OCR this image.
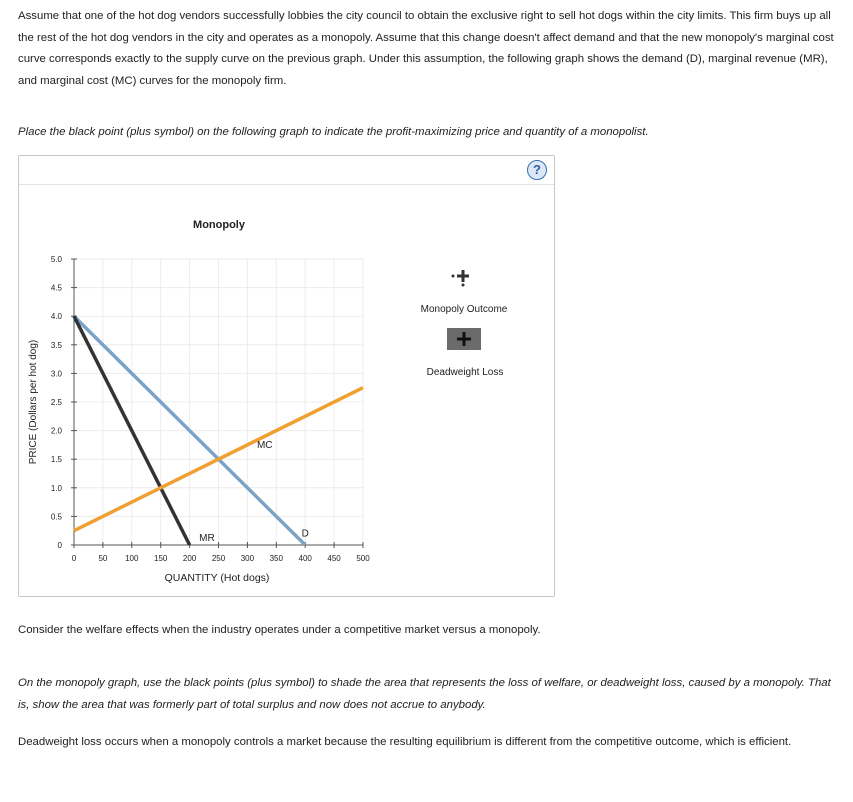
Assume that one of the hot dog vendors successfully lobbies the city council to obtain the exclusive right to sell hot dogs within the city limits. This firm buys up all the rest of the hot dog vendors in the city and operates as a monopoly. Assume that this change doesn't affect demand and that the new monopoly's marginal cost curve corresponds exactly to the supply curve on the previous graph. Under this assumption, the following graph shows the demand (D), marginal revenue (MR), and marginal cost (MC) curves for the monopoly firm.

Place the black point (plus symbol) on the following graph to indicate the profit-maximizing price and quantity of a monopolist.

?
Monopoly
0	50 100 150 200 250 300 350 400 450 500
0
0.5
1.0
1.5
2.0
2.5
3.0
3.5
4.0
4.5
5.0
D
MR
MC
QUANTITY (Hot dogs)
PRICE (Dollars per hot dog)
Monopoly Outcome
Deadweight Loss

Consider the welfare effects when the industry operates under a competitive market versus a monopoly.

On the monopoly graph, use the black points (plus symbol) to shade the area that represents the loss of welfare, or deadweight loss, caused by a monopoly. That is, show the area that was formerly part of total surplus and now does not accrue to anybody.

Deadweight loss occurs when a monopoly controls a market because the resulting equilibrium is different from the competitive outcome, which is efficient.
